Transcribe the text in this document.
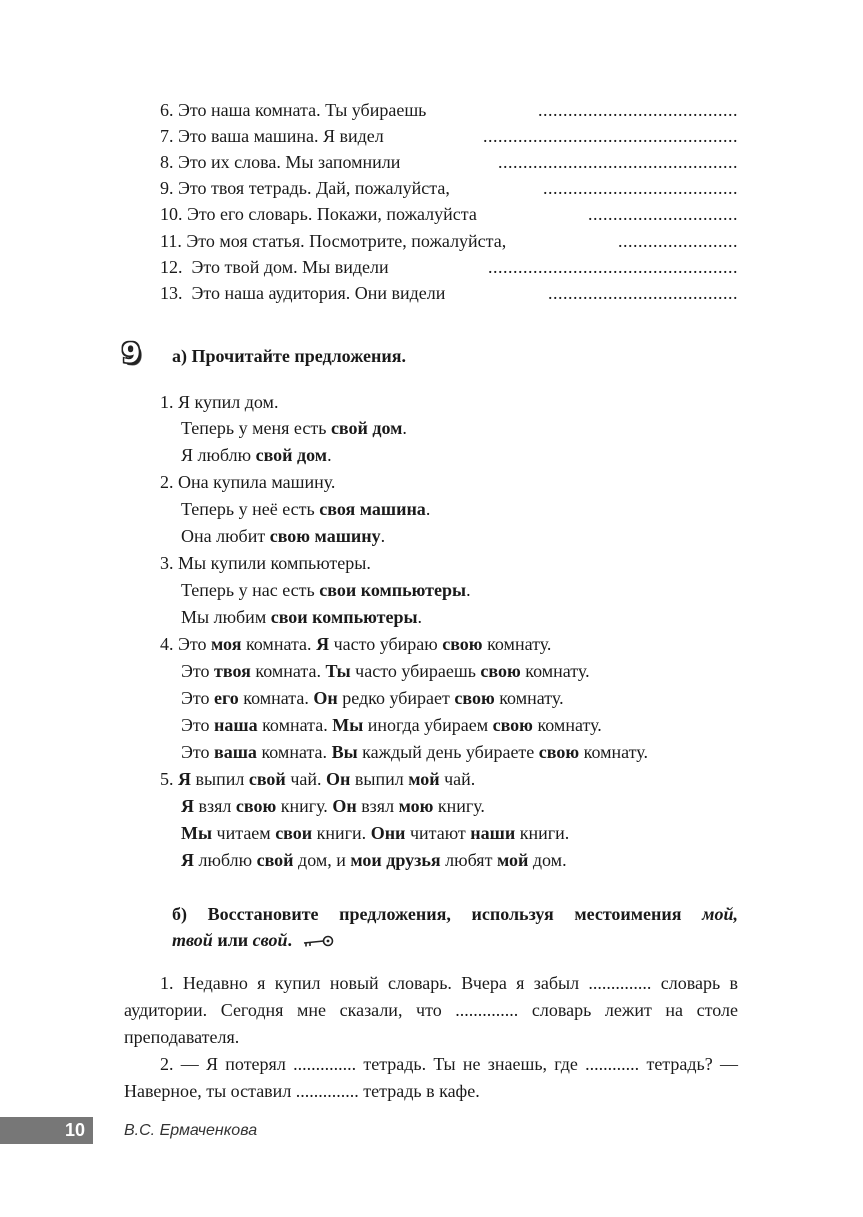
6. Это наша комната. Ты убираешь	........................................
7. Это ваша машина. Я видел	...................................................
8. Это их слова. Мы запомнили	................................................
9. Это твоя тетрадь. Дай, пожалуйста,	.......................................
10. Это его словарь. Покажи, пожалуйста	..............................
11. Это моя статья. Посмотрите, пожалуйста,	........................
12. Это твой дом. Мы видели	..................................................
13. Это наша аудитория. Они видели	......................................
9 а) Прочитайте предложения.
1. Я купил дом.
Теперь у меня есть свой дом.
Я люблю свой дом.
2. Она купила машину.
Теперь у неё есть своя машина.
Она любит свою машину.
3. Мы купили компьютеры.
Теперь у нас есть свои компьютеры.
Мы любим свои компьютеры.
4. Это моя комната. Я часто убираю свою комнату.
Это твоя комната. Ты часто убираешь свою комнату.
Это его комната. Он редко убирает свою комнату.
Это наша комната. Мы иногда убираем свою комнату.
Это ваша комната. Вы каждый день убираете свою комнату.
5. Я выпил свой чай. Он выпил мой чай.
Я взял свою книгу. Он взял мою книгу.
Мы читаем свои книги. Они читают наши книги.
Я люблю свой дом, и мои друзья любят мой дом.
б) Восстановите предложения, используя местоимения мой,
твой или свой.
1. Недавно я купил новый словарь. Вчера я забыл .............. словарь в аудитории. Сегодня мне сказали, что .............. словарь лежит на столе преподавателя.
2. — Я потерял .............. тетрадь. Ты не знаешь, где ............ тетрадь? — Наверное, ты оставил .............. тетрадь в кафе.
10	В.С. Ермаченкова
